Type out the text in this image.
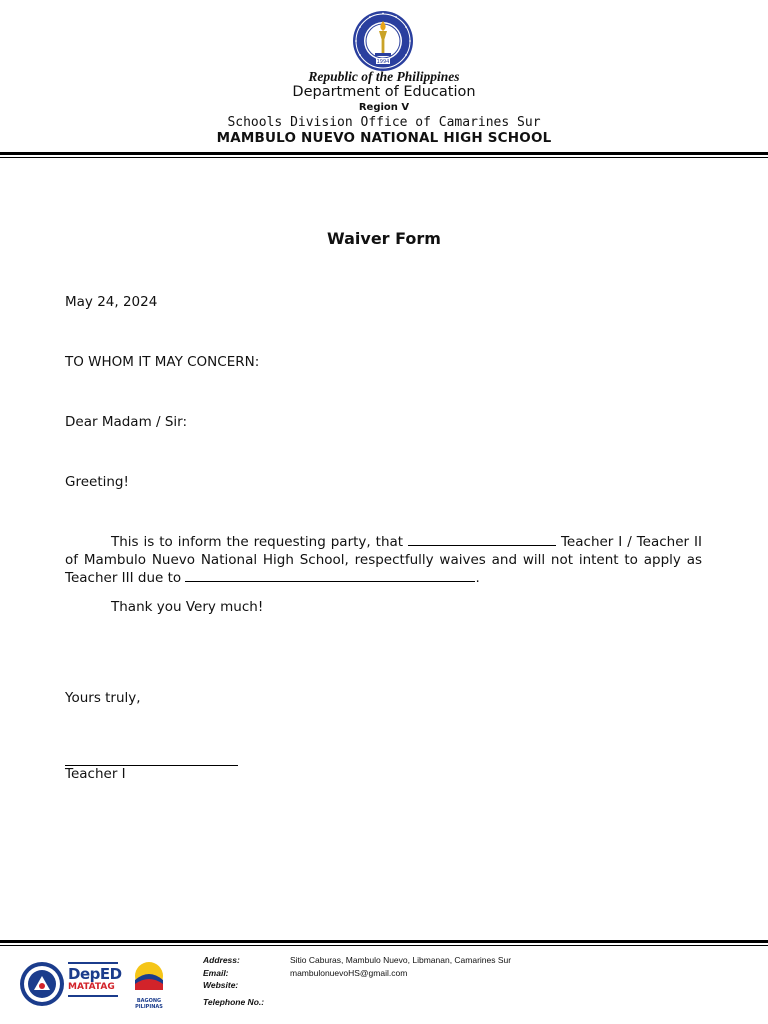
1994
Republic of the Philippines
Department of Education
Region V
Schools Division Office of Camarines Sur
MAMBULO NUEVO NATIONAL HIGH SCHOOL
Waiver Form
May 24, 2024
TO WHOM IT MAY CONCERN:
Dear Madam / Sir:
Greeting!
This is to inform the requesting party, that	Teacher I / Teacher II of Mambulo Nuevo National High School, respectfully waives and will not intent to apply as Teacher III due to	.
Thank you Very much!
Yours truly,
Teacher I
DepED
MATATAG
BAGONG PILIPINAS
Address:	Sitio Caburas, Mambulo Nuevo, Libmanan, Camarines Sur
Email:	mambulonuevoHS@gmail.com
Website:
Telephone No.:
